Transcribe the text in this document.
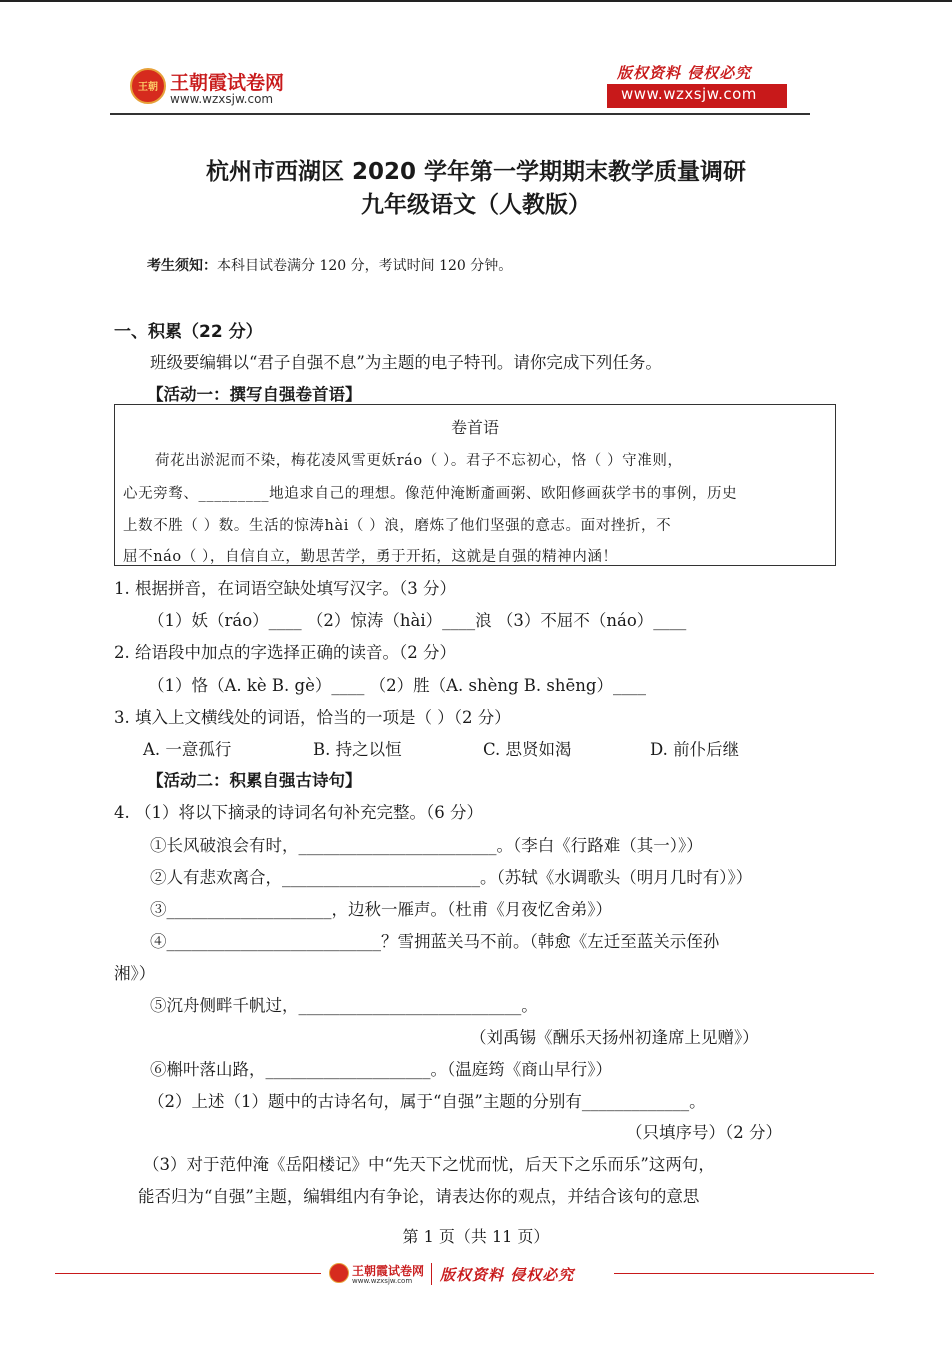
王朝 王朝霞试卷网
www.wzxsjw.com
版权资料 侵权必究
www.wzxsjw.com
杭州市西湖区 2020 学年第一学期期末教学质量调研
九年级语文（人教版）
考生须知：本科目试卷满分 120 分，考试时间 120 分钟。
一、积累（22 分）
班级要编辑以“君子自强不息”为主题的电子特刊。请你完成下列任务。
【活动一：撰写自强卷首语】
卷首语
荷花出淤泥而不染，梅花凌风雪更妖ráo（ ）。君子不忘初心，恪（ ）守准则，
心无旁骛、_________地追求自己的理想。像范仲淹断齑画粥、欧阳修画荻学书的事例，历史
上数不胜（ ）数。生活的惊涛hài（ ）浪，磨炼了他们坚强的意志。面对挫折，不
屈不náo（ ），自信自立，勤思苦学，勇于开拓，这就是自强的精神内涵！
1. 根据拼音，在词语空缺处填写汉字。（3 分）
（1）妖（ráo）____ （2）惊涛（hài）____浪 （3）不屈不（náo）____
2. 给语段中加点的字选择正确的读音。（2 分）
（1）恪（A. kè B. gè）____ （2）胜（A. shèng B. shēng）____
3. 填入上文横线处的词语，恰当的一项是（ ）（2 分）
A. 一意孤行	B. 持之以恒	C. 思贤如渴	D. 前仆后继
【活动二：积累自强古诗句】
4. （1）将以下摘录的诗词名句补充完整。（6 分）
①长风破浪会有时，________________________。（李白《行路难（其一）》）
②人有悲欢离合，________________________。（苏轼《水调歌头（明月几时有）》）
③____________________，边秋一雁声。（杜甫《月夜忆舍弟》）
④__________________________？雪拥蓝关马不前。（韩愈《左迁至蓝关示侄孙
湘》）
⑤沉舟侧畔千帆过，___________________________。
（刘禹锡《酬乐天扬州初逢席上见赠》）
⑥槲叶落山路，____________________。（温庭筠《商山早行》）
（2）上述（1）题中的古诗名句，属于“自强”主题的分别有_____________。
（只填序号）（2 分）
（3）对于范仲淹《岳阳楼记》中“先天下之忧而忧，后天下之乐而乐”这两句，
能否归为“自强”主题，编辑组内有争论，请表达你的观点，并结合该句的意思
第 1 页（共 11 页）
王朝霞试卷网
www.wzxsjw.com 版权资料 侵权必究
